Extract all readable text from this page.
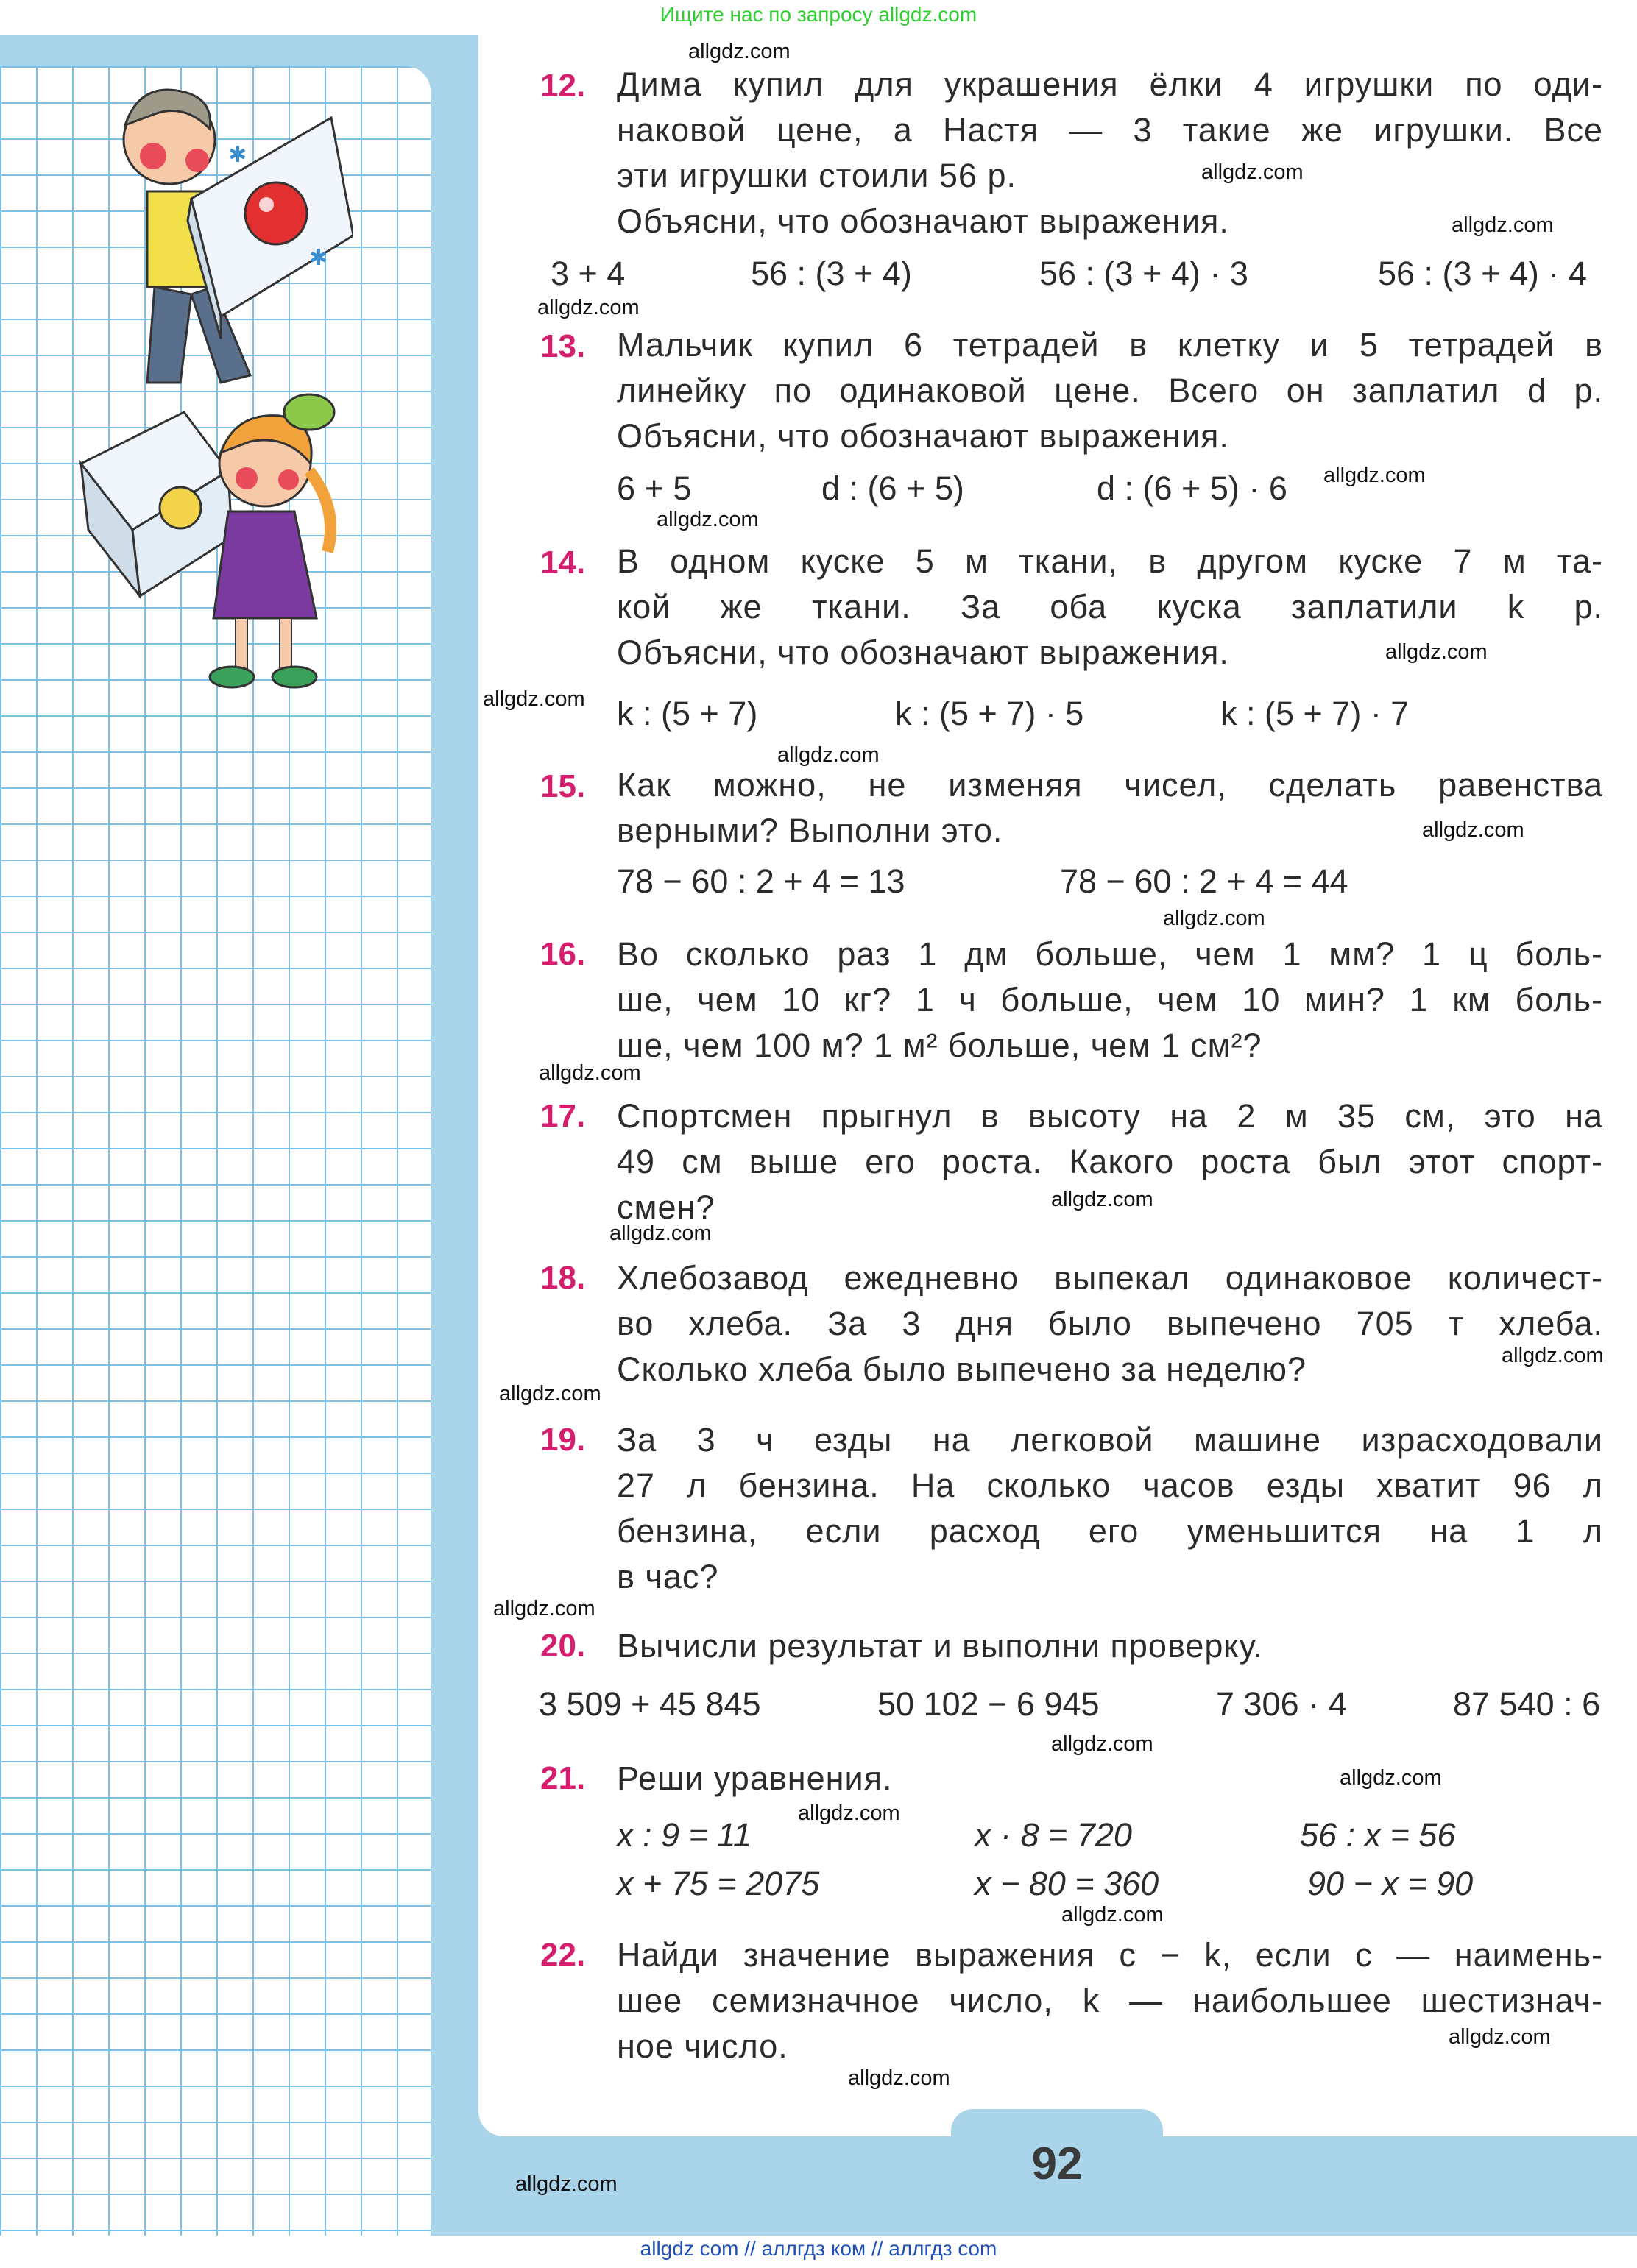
Ищите нас по запросу allgdz.com
92
✱
✱
12. Дима купил для украшения ёлки 4 игрушки по оди-
наковой цене, а Настя — 3 такие же игрушки. Все
эти игрушки стоили 56 р.
Объясни, что обозначают выражения.
3 + 4	56 : (3 + 4)	56 : (3 + 4) · 3	56 : (3 + 4) · 4
13. Мальчик купил 6 тетрадей в клетку и 5 тетрадей в
линейку по одинаковой цене. Всего он заплатил d р.
Объясни, что обозначают выражения.
6 + 5	d : (6 + 5)	d : (6 + 5) · 6
14. В одном куске 5 м ткани, в другом куске 7 м та-
кой же ткани. За оба куска заплатили k р.
Объясни, что обозначают выражения.
k : (5 + 7)	k : (5 + 7) · 5	k : (5 + 7) · 7
15. Как можно, не изменяя чисел, сделать равенства
верными? Выполни это.
78 − 60 : 2 + 4 = 13	78 − 60 : 2 + 4 = 44
16. Во сколько раз 1 дм больше, чем 1 мм? 1 ц боль-
ше, чем 10 кг? 1 ч больше, чем 10 мин? 1 км боль-
ше, чем 100 м? 1 м² больше, чем 1 см²?
17. Спортсмен прыгнул в высоту на 2 м 35 см, это на
49 см выше его роста. Какого роста был этот спорт-
смен?
18. Хлебозавод ежедневно выпекал одинаковое количест-
во хлеба. За 3 дня было выпечено 705 т хлеба.
Сколько хлеба было выпечено за неделю?
19. За 3 ч езды на легковой машине израсходовали
27 л бензина. На сколько часов езды хватит 96 л
бензина, если расход его уменьшится на 1 л
в час?
20. Вычисли результат и выполни проверку.
3 509 + 45 845	50 102 − 6 945	7 306 · 4	87 540 : 6
21. Реши уравнения.
x : 9 = 11	x · 8 = 720	56 : x = 56
x + 75 = 2075	x − 80 = 360	90 − x = 90
22. Найди значение выражения c − k, если c — наимень-
шее семизначное число, k — наибольшее шестизнач-
ное число.
allgdz.com
allgdz.com
allgdz.com
allgdz.com
allgdz.com
allgdz.com
allgdz.com
allgdz.com
allgdz.com
allgdz.com
allgdz.com
allgdz.com
allgdz.com
allgdz.com
allgdz.com
allgdz.com
allgdz.com
allgdz.com
allgdz.com
allgdz.com
allgdz.com
allgdz.com
allgdz.com
allgdz.com
allgdz com // аллгдз ком // аллгдз com
